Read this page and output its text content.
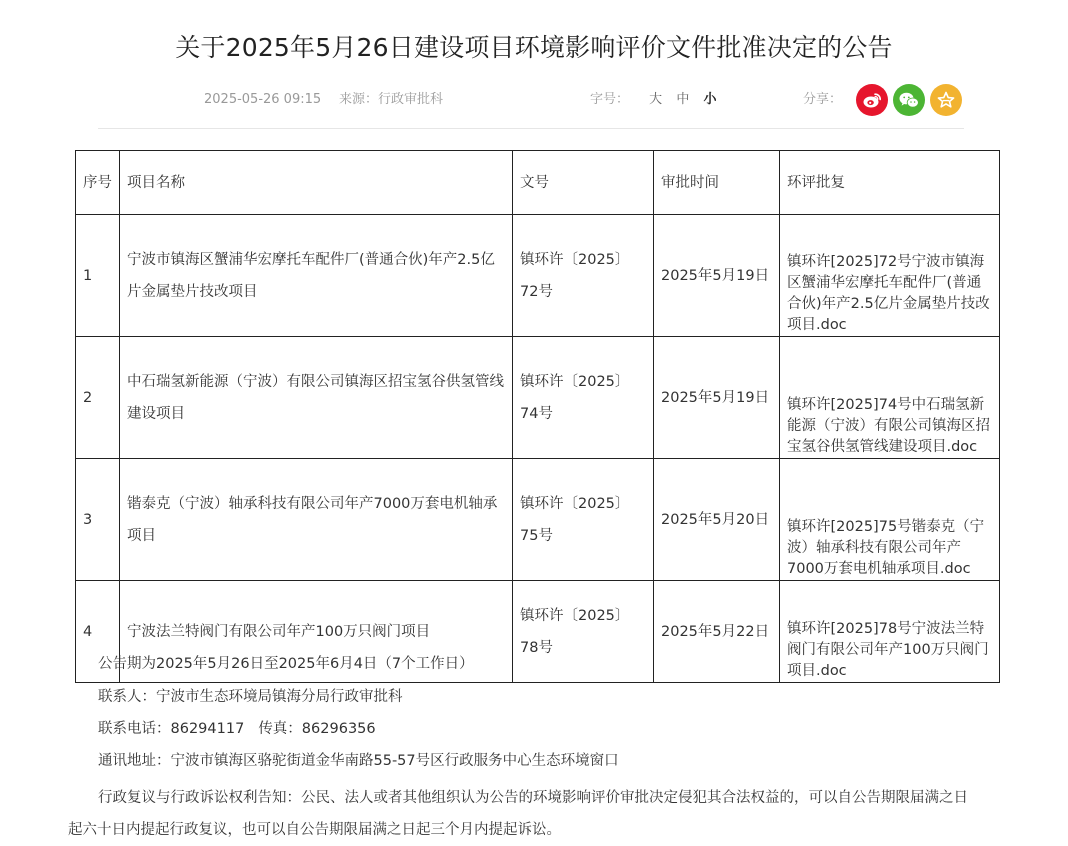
关于2025年5月26日建设项目环境影响评价文件批准决定的公告
2025-05-26 09:15 来源：行政审批科	字号： 大 中 小	分享：
序号	项目名称	文号	审批时间	环评批复
1	宁波市镇海区蟹浦华宏摩托车配件厂(普通合伙)年产2.5亿片金属垫片技改项目	镇环许〔2025〕72号	2025年5月19日	镇环许[2025]72号宁波市镇海区蟹浦华宏摩托车配件厂(普通合伙)年产2.5亿片金属垫片技改项目.doc

2	中石瑞氢新能源（宁波）有限公司镇海区招宝氢谷供氢管线建设项目	镇环许〔2025〕74号	2025年5月19日	镇环许[2025]74号中石瑞氢新能源（宁波）有限公司镇海区招宝氢谷供氢管线建设项目.doc

3	锴泰克（宁波）轴承科技有限公司年产7000万套电机轴承项目	镇环许〔2025〕75号	2025年5月20日	镇环许[2025]75号锴泰克（宁波）轴承科技有限公司年产7000万套电机轴承项目.doc

4	宁波法兰特阀门有限公司年产100万只阀门项目	镇环许〔2025〕78号	2025年5月22日	镇环许[2025]78号宁波法兰特阀门有限公司年产100万只阀门项目.doc
公告期为2025年5月26日至2025年6月4日（7个工作日）
联系人：宁波市生态环境局镇海分局行政审批科
联系电话：86294117 传真：86296356
通讯地址：宁波市镇海区骆驼街道金华南路55-57号区行政服务中心生态环境窗口
行政复议与行政诉讼权利告知：公民、法人或者其他组织认为公告的环境影响评价审批决定侵犯其合法权益的，可以自公告期限届满之日起六十日内提起行政复议，也可以自公告期限届满之日起三个月内提起诉讼。
